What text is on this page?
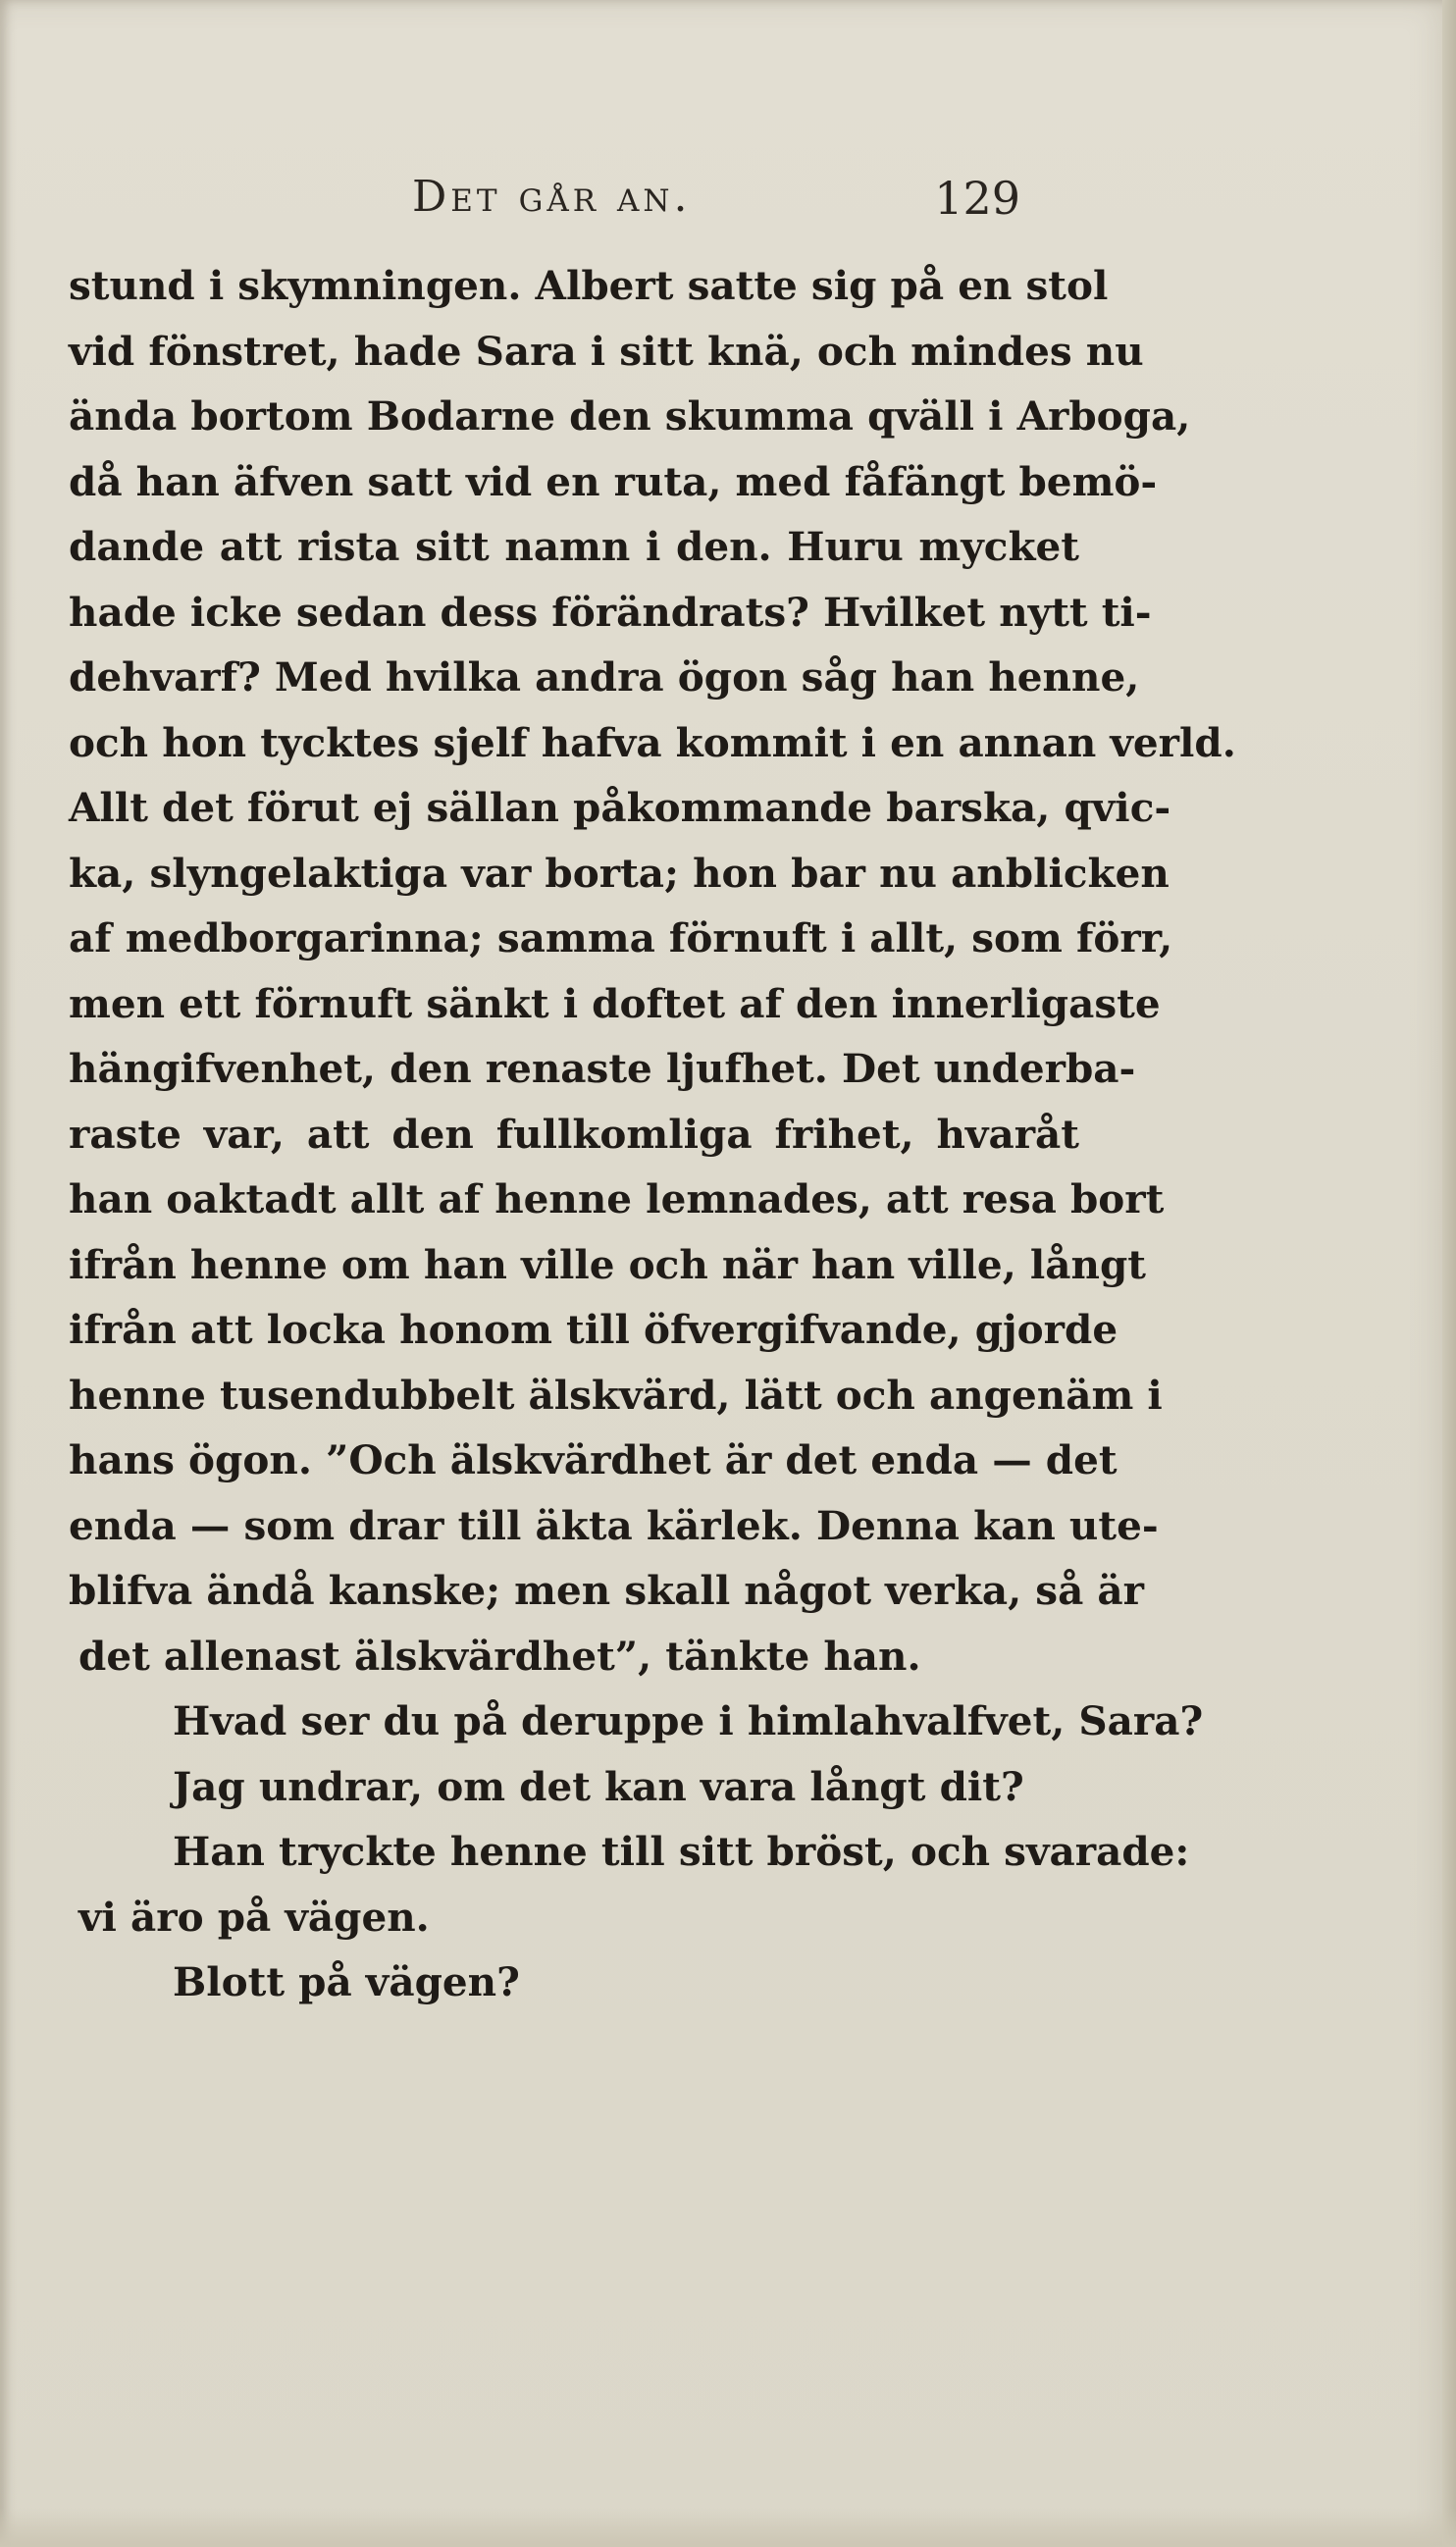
Det går an.	129
stund i skymningen. Albert satte sig på en stol
vid fönstret, hade Sara i sitt knä, och mindes nu
ända bortom Bodarne den skumma qväll i Arboga,
då han äfven satt vid en ruta, med fåfängt bemö-
dande att rista sitt namn i den. Huru mycket
hade icke sedan dess förändrats? Hvilket nytt ti-
dehvarf? Med hvilka andra ögon såg han henne,
och hon tycktes sjelf hafva kommit i en annan verld.
Allt det förut ej sällan påkommande barska, qvic-
ka, slyngelaktiga var borta; hon bar nu anblicken
af medborgarinna; samma förnuft i allt, som förr,
men ett förnuft sänkt i doftet af den innerligaste
hängifvenhet, den renaste ljufhet. Det underba-
raste var, att den fullkomliga frihet, hvaråt
han oaktadt allt af henne lemnades, att resa bort
ifrån henne om han ville och när han ville, långt
ifrån att locka honom till öfvergifvande, gjorde
henne tusendubbelt älskvärd, lätt och angenäm i
hans ögon. ”Och älskvärdhet är det enda — det
enda — som drar till äkta kärlek. Denna kan ute-
blifva ändå kanske; men skall något verka, så är
det allenast älskvärdhet”, tänkte han.
Hvad ser du på deruppe i himlahvalfvet, Sara?
Jag undrar, om det kan vara långt dit?
Han tryckte henne till sitt bröst, och svarade:
vi äro på vägen.
Blott på vägen?
